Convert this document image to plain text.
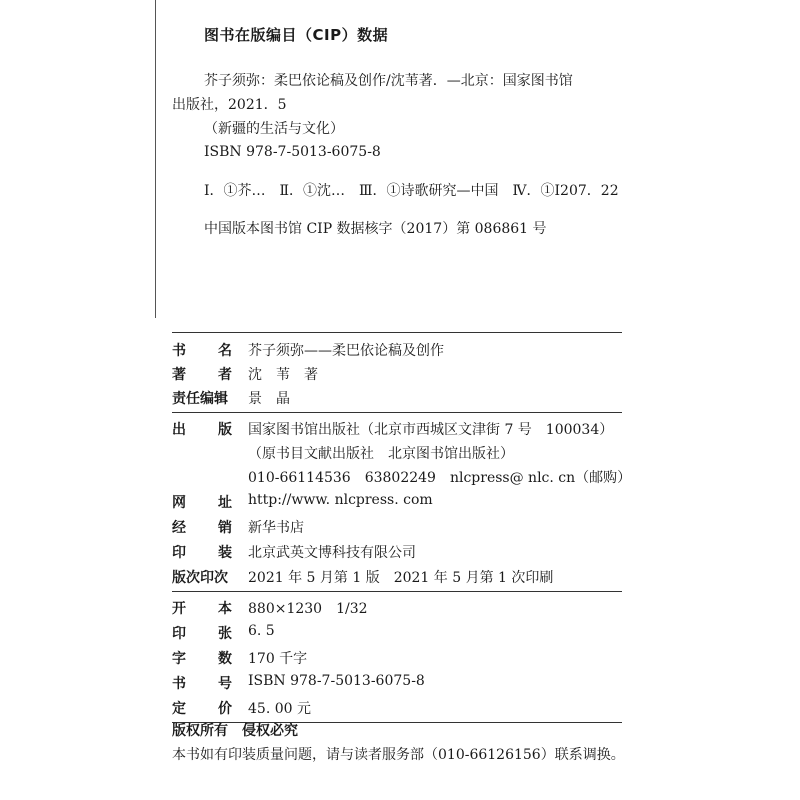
图书在版编目（CIP）数据
芥子须弥：柔巴依论稿及创作/沈苇著．—北京：国家图书馆
出版社，2021．5
（新疆的生活与文化）
ISBN 978-7-5013-6075-8
Ⅰ．①芥…　Ⅱ．①沈…　Ⅲ．①诗歌研究—中国　Ⅳ．①I207．22
中国版本图书馆 CIP 数据核字（2017）第 086861 号
书 名 芥子须弥——柔巴依论稿及创作
著 者 沈　苇　著
责任编辑	景　晶
出 版 国家图书馆出版社（北京市西城区文津街 7 号　100034）
（原书目文献出版社　北京图书馆出版社）
010-66114536　63802249　nlcpress@ nlc. cn（邮购）
网 址 http://www. nlcpress. com
经 销 新华书店
印 装 北京武英文博科技有限公司
版次印次	2021 年 5 月第 1 版　2021 年 5 月第 1 次印刷
开 本 880×1230　1/32
印 张 6. 5
字 数 170 千字
书 号 ISBN 978-7-5013-6075-8
定 价 45. 00 元
版权所有　侵权必究
本书如有印装质量问题，请与读者服务部（010-66126156）联系调换。
